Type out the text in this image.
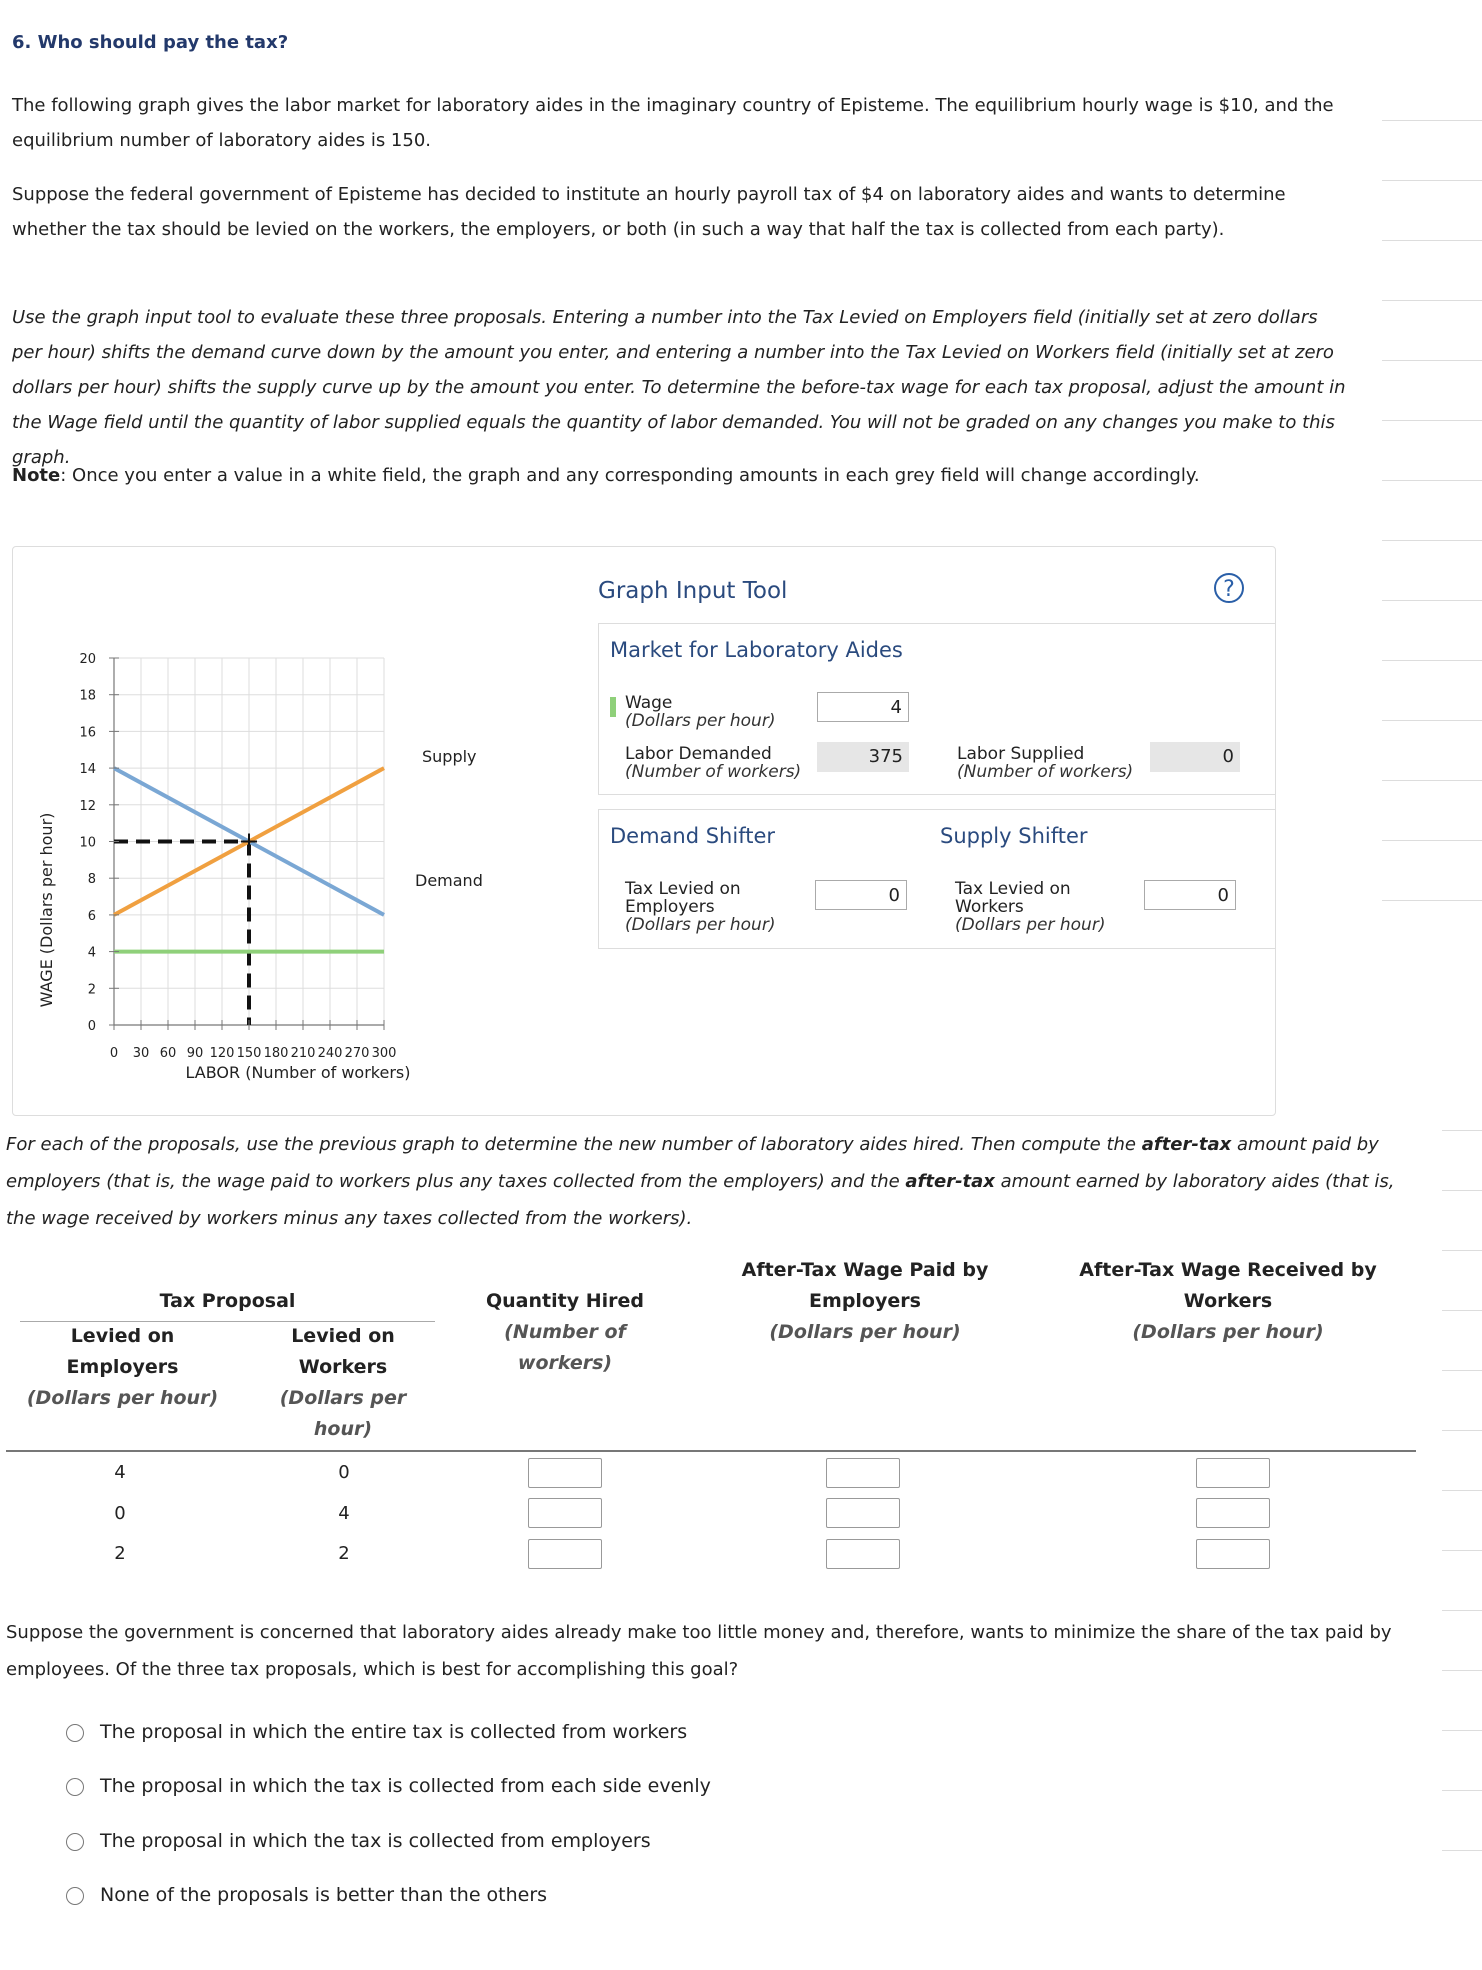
6. Who should pay the tax?
The following graph gives the labor market for laboratory aides in the imaginary country of Episteme. The equilibrium hourly wage is $10, and the equilibrium number of laboratory aides is 150.
Suppose the federal government of Episteme has decided to institute an hourly payroll tax of $4 on laboratory aides and wants to determine whether the tax should be levied on the workers, the employers, or both (in such a way that half the tax is collected from each party).
Use the graph input tool to evaluate these three proposals. Entering a number into the Tax Levied on Employers field (initially set at zero dollars per hour) shifts the demand curve down by the amount you enter, and entering a number into the Tax Levied on Workers field (initially set at zero dollars per hour) shifts the supply curve up by the amount you enter. To determine the before-tax wage for each tax proposal, adjust the amount in the Wage field until the quantity of labor supplied equals the quantity of labor demanded. You will not be graded on any changes you make to this graph.
Note: Once you enter a value in a white field, the graph and any corresponding amounts in each grey field will change accordingly.
0
2
4
6
8
10
12
14
16
18
20
0 30 60 90 120 150 180 210 240 270 300
WAGE (Dollars per hour)
LABOR (Number of workers)
Supply
Demand
Graph Input Tool	?
Market for Laboratory Aides
Wage
(Dollars per hour)
4
Labor Demanded
(Number of workers)
375	Labor Supplied
(Number of workers)
0
Demand Shifter	Supply Shifter
Tax Levied on
Employers
(Dollars per hour)
0	Tax Levied on
Workers
(Dollars per hour)
0
For each of the proposals, use the previous graph to determine the new number of laboratory aides hired. Then compute the after-tax amount paid by employers (that is, the wage paid to workers plus any taxes collected from the employers) and the after-tax amount earned by laboratory aides (that is, the wage received by workers minus any taxes collected from the workers).
Tax Proposal
Levied on
Employers
(Dollars per hour)
Levied on
Workers
(Dollars per
hour)
Quantity Hired
(Number of
workers)
After-Tax Wage Paid by
Employers
(Dollars per hour)
After-Tax Wage Received by
Workers
(Dollars per hour)
4	0
0	4
2	2
Suppose the government is concerned that laboratory aides already make too little money and, therefore, wants to minimize the share of the tax paid by employees. Of the three tax proposals, which is best for accomplishing this goal?
The proposal in which the entire tax is collected from workers
The proposal in which the tax is collected from each side evenly
The proposal in which the tax is collected from employers
None of the proposals is better than the others
